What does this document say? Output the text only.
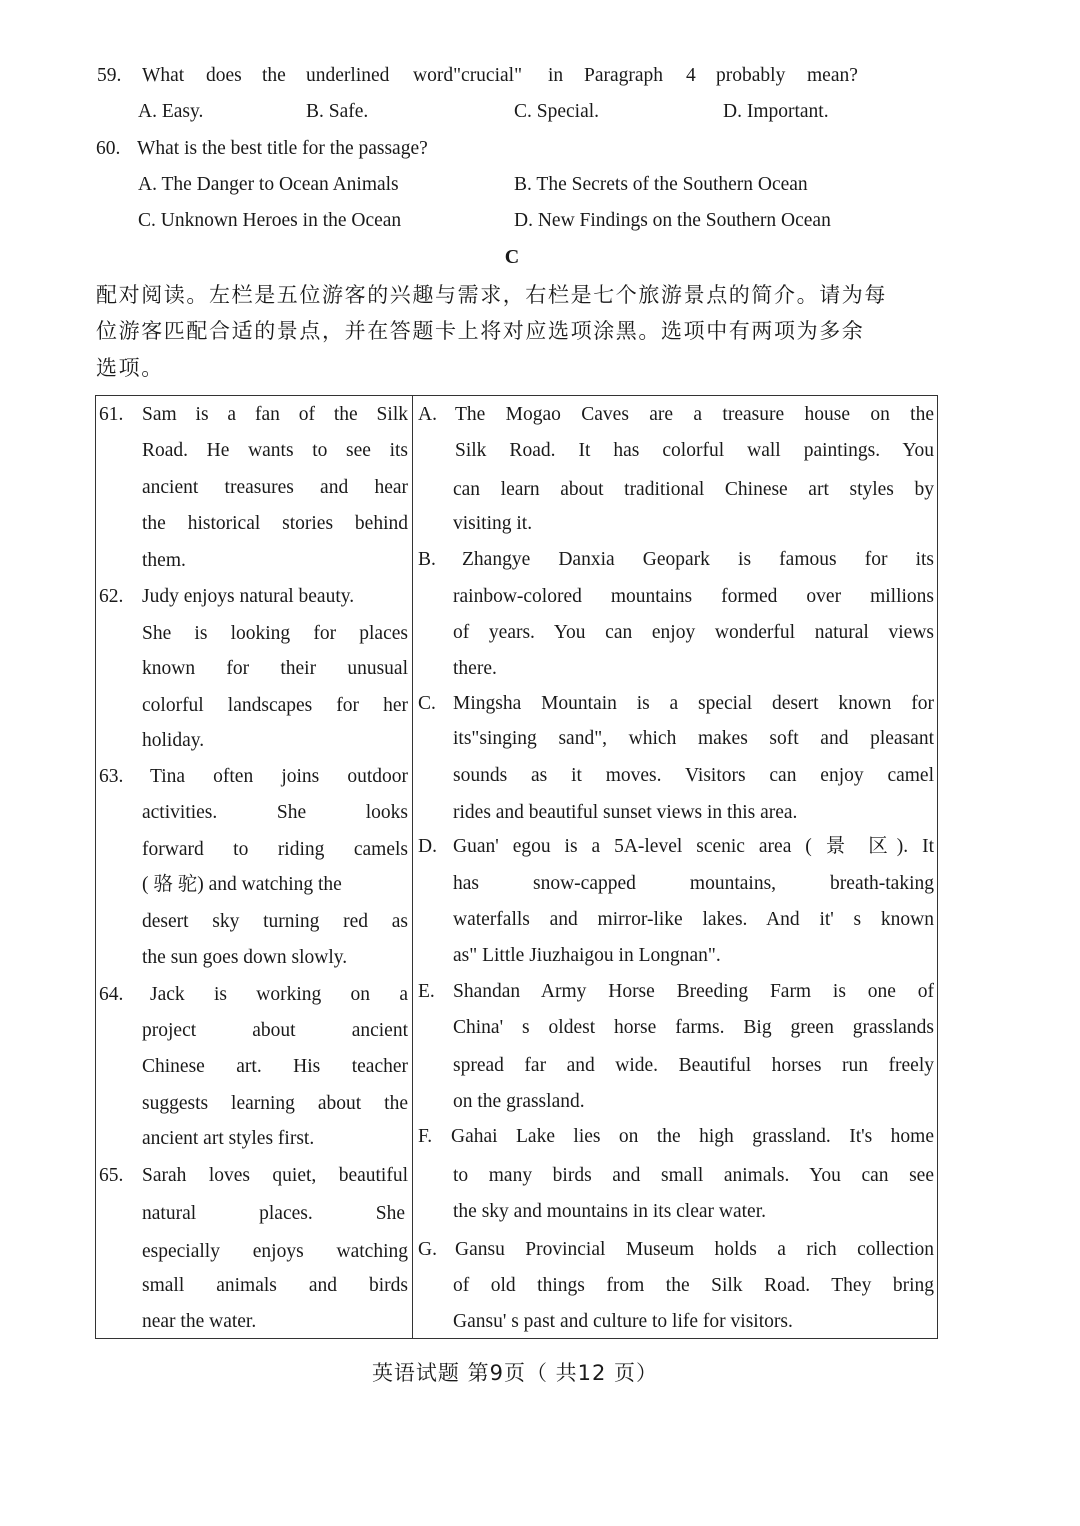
59. What does the underlined word"crucial" in Paragraph 4 probably mean?
A. Easy.	B. Safe.	C. Special.	D. Important.
60. What is the best title for the passage?
A. The Danger to Ocean Animals	B. The Secrets of the Southern Ocean
C. Unknown Heroes in the Ocean	D. New Findings on the Southern Ocean
C
配对阅读。左栏是五位游客的兴趣与需求，右栏是七个旅游景点的简介。请为每
位游客匹配合适的景点，并在答题卡上将对应选项涂黑。选项中有两项为多余
选项。
61. Sam is a fan of the Silk
Road. He wants to see its
ancient treasures and hear
the historical stories behind
them.
62. Judy enjoys natural beauty.
She is looking for places
known for their unusual
colorful landscapes for her
holiday.
63. Tina often joins outdoor
activities. She looks
forward to riding camels
( 骆 驼) and watching the
desert sky turning red as
the sun goes down slowly.
64. Jack is working on a
project about ancient
Chinese art. His teacher
suggests learning about the
ancient art styles first.
65. Sarah loves quiet, beautiful
natural places. She
especially enjoys watching
small animals and birds
near the water.
A. The Mogao Caves are a treasure house on the
Silk Road. It has colorful wall paintings. You
can learn about traditional Chinese art styles by
visiting it.
B. Zhangye Danxia Geopark is famous for its
rainbow-colored mountains formed over millions
of years. You can enjoy wonderful natural views
there.
C. Mingsha Mountain is a special desert known for
its"singing sand", which makes soft and pleasant
sounds as it moves. Visitors can enjoy camel
rides and beautiful sunset views in this area.
D. Guan' egou is a 5A-level scenic area ( 景 区). It
has snow-capped mountains, breath-taking
waterfalls and mirror-like lakes. And it' s known
as" Little Jiuzhaigou in Longnan".
E. Shandan Army Horse Breeding Farm is one of
China' s oldest horse farms. Big green grasslands
spread far and wide. Beautiful horses run freely
on the grassland.
F. Gahai Lake lies on the high grassland. It's home
to many birds and small animals. You can see
the sky and mountains in its clear water.
G. Gansu Provincial Museum holds a rich collection
of old things from the Silk Road. They bring
Gansu' s past and culture to life for visitors.
英语试题 第9页（ 共12 页）
